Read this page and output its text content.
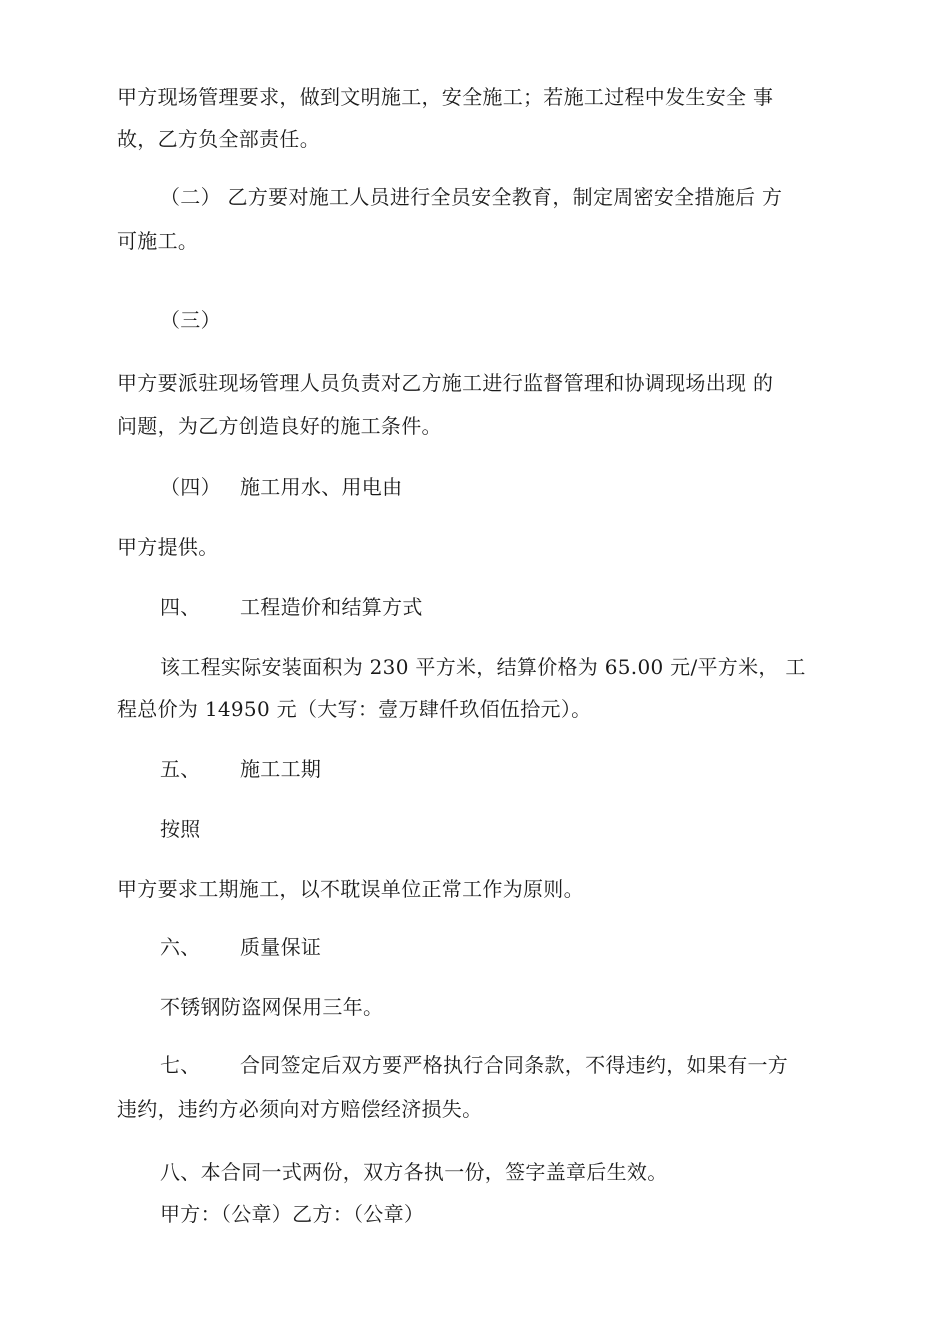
甲方现场管理要求，做到文明施工，安全施工；若施工过程中发生安全 事
故，乙方负全部责任。
（二） 乙方要对施工人员进行全员安全教育，制定周密安全措施后 方
可施工。
（三）
甲方要派驻现场管理人员负责对乙方施工进行监督管理和协调现场出现 的
问题，为乙方创造良好的施工条件。
（四） 施工用水、用电由
甲方提供。
四、 工程造价和结算方式
该工程实际安装面积为 230 平方米，结算价格为 65.00 元/平方米， 工
程总价为 14950 元（大写：壹万肆仟玖佰伍拾元）。
五、 施工工期
按照
甲方要求工期施工，以不耽误单位正常工作为原则。
六、 质量保证
不锈钢防盗网保用三年。
七、 合同签定后双方要严格执行合同条款，不得违约，如果有一方
违约，违约方必须向对方赔偿经济损失。
八、本合同一式两份，双方各执一份，签字盖章后生效。
甲方：（公章）乙方：（公章）
